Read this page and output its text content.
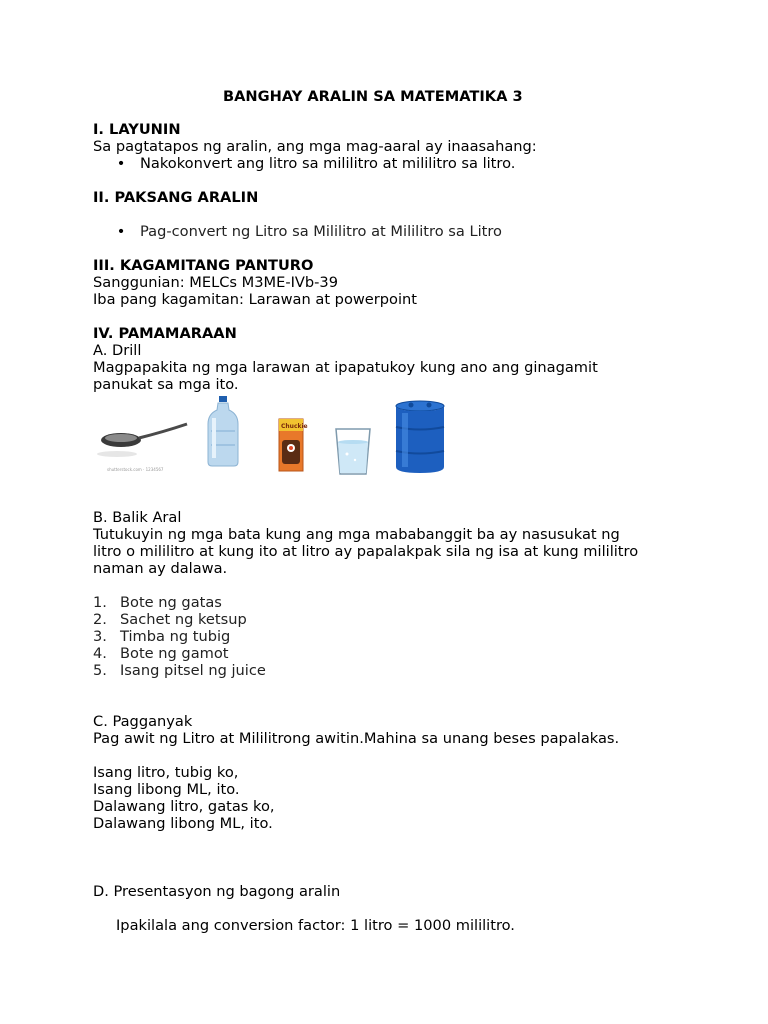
BANGHAY ARALIN SA MATEMATIKA 3
I. LAYUNIN
Sa pagtatapos ng aralin, ang mga mag-aaral ay inaasahang:
• Nakokonvert ang litro sa mililitro at mililitro sa litro.
II. PAKSANG ARALIN
• Pag-convert ng Litro sa Mililitro at Mililitro sa Litro
III. KAGAMITANG PANTURO
Sanggunian: MELCs M3ME-IVb-39
Iba pang kagamitan: Larawan at powerpoint
IV. PAMAMARAAN
A. Drill
Magpapakita ng mga larawan at ipapatukoy kung ano ang ginagamit
panukat sa mga ito.
shutterstock.com · 1234567
Chuckie
B. Balik Aral
Tutukuyin ng mga bata kung ang mga mababanggit ba ay nasusukat ng
litro o mililitro at kung ito at litro ay papalakpak sila ng isa at kung mililitro
naman ay dalawa.
1. Bote ng gatas
2. Sachet ng ketsup
3. Timba ng tubig
4. Bote ng gamot
5. Isang pitsel ng juice
C. Pagganyak
Pag awit ng Litro at Mililitrong awitin.Mahina sa unang beses papalakas.
Isang litro, tubig ko,
Isang libong ML, ito.
Dalawang litro, gatas ko,
Dalawang libong ML, ito.
D. Presentasyon ng bagong aralin
Ipakilala ang conversion factor: 1 litro = 1000 mililitro.
